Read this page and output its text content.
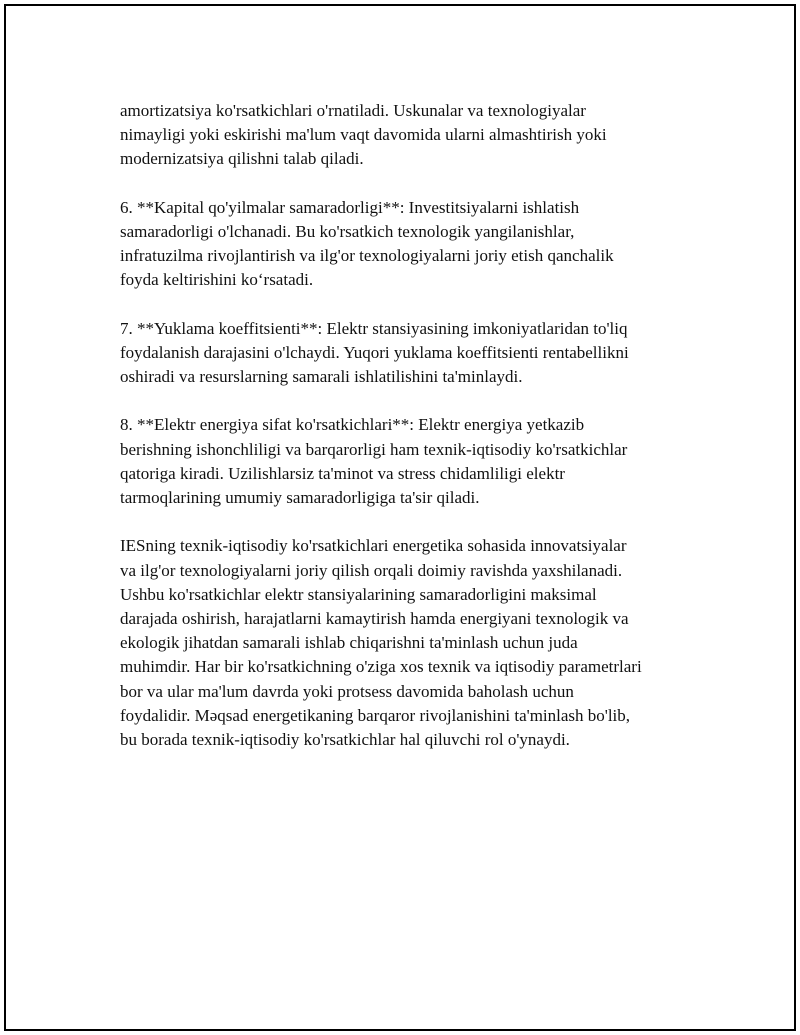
amortizatsiya ko'rsatkichlari o'rnatiladi. Uskunalar va texnologiyalar
nimayligi yoki eskirishi ma'lum vaqt davomida ularni almashtirish yoki
modernizatsiya qilishni talab qiladi.
6. **Kapital qo'yilmalar samaradorligi**: Investitsiyalarni ishlatish
samaradorligi o'lchanadi. Bu ko'rsatkich texnologik yangilanishlar,
infratuzilma rivojlantirish va ilg'or texnologiyalarni joriy etish qanchalik
foyda keltirishini ko‘rsatadi.
7. **Yuklama koeffitsienti**: Elektr stansiyasining imkoniyatlaridan to'liq
foydalanish darajasini o'lchaydi. Yuqori yuklama koeffitsienti rentabellikni
oshiradi va resurslarning samarali ishlatilishini ta'minlaydi.
8. **Elektr energiya sifat ko'rsatkichlari**: Elektr energiya yetkazib
berishning ishonchliligi va barqarorligi ham texnik-iqtisodiy ko'rsatkichlar
qatoriga kiradi. Uzilishlarsiz ta'minot va stress chidamliligi elektr
tarmoqlarining umumiy samaradorligiga ta'sir qiladi.
IESning texnik-iqtisodiy ko'rsatkichlari energetika sohasida innovatsiyalar
va ilg'or texnologiyalarni joriy qilish orqali doimiy ravishda yaxshilanadi.
Ushbu ko'rsatkichlar elektr stansiyalarining samaradorligini maksimal
darajada oshirish, harajatlarni kamaytirish hamda energiyani texnologik va
ekologik jihatdan samarali ishlab chiqarishni ta'minlash uchun juda
muhimdir. Har bir ko'rsatkichning o'ziga xos texnik va iqtisodiy parametrlari
bor va ular ma'lum davrda yoki protsess davomida baholash uchun
foydalidir. Məqsad energetikaning barqaror rivojlanishini ta'minlash bo'lib,
bu borada texnik-iqtisodiy ko'rsatkichlar hal qiluvchi rol o'ynaydi.
